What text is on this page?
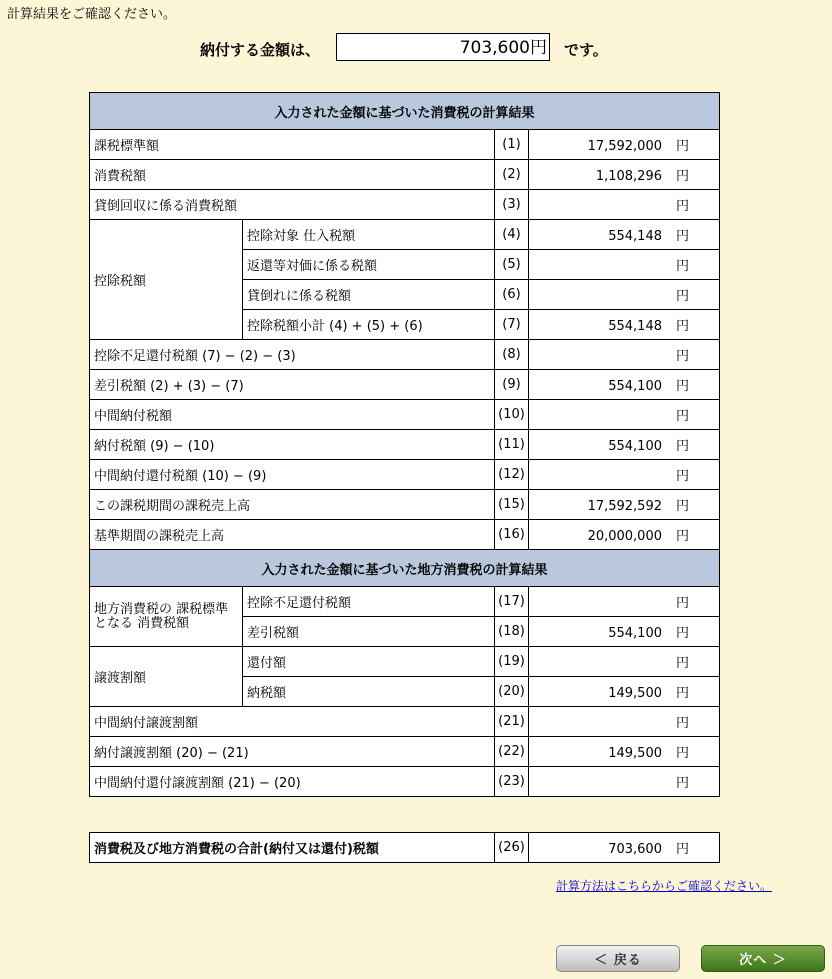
計算結果をご確認ください。
納付する金額は、	703,600円 です。
入力された金額に基づいた消費税の計算結果			
課税標準額		(1)	17,592,000 円
消費税額		(2)	1,108,296 円
貸倒回収に係る消費税額		(3)	円
控除税額	控除対象 仕入税額	(4)	554,148 円
	返還等対価に係る税額	(5)	円
	貸倒れに係る税額	(6)	円
	控除税額小計 (4) + (5) + (6)	(7)	554,148 円
控除不足還付税額 (7) − (2) − (3)		(8)	円
差引税額 (2) + (3) − (7)		(9)	554,100 円
中間納付税額		(10)	円
納付税額 (9) − (10)		(11)	554,100 円
中間納付還付税額 (10) − (9)		(12)	円
この課税期間の課税売上高		(15)	17,592,592 円
基準期間の課税売上高		(16)	20,000,000 円
入力された金額に基づいた地方消費税の計算結果			
地方消費税の 課税標準となる 消費税額	控除不足還付税額	(17)	円
	差引税額	(18)	554,100 円
譲渡割額	還付額	(19)	円
	納税額	(20)	149,500 円
中間納付譲渡割額		(21)	円
納付譲渡割額 (20) − (21)		(22)	149,500 円
中間納付還付譲渡割額 (21) − (20)		(23)	円
消費税及び地方消費税の合計(納付又は還付)税額	(26)	703,600 円
計算方法はこちらからご確認ください。
＜ 戻る	次へ ＞
